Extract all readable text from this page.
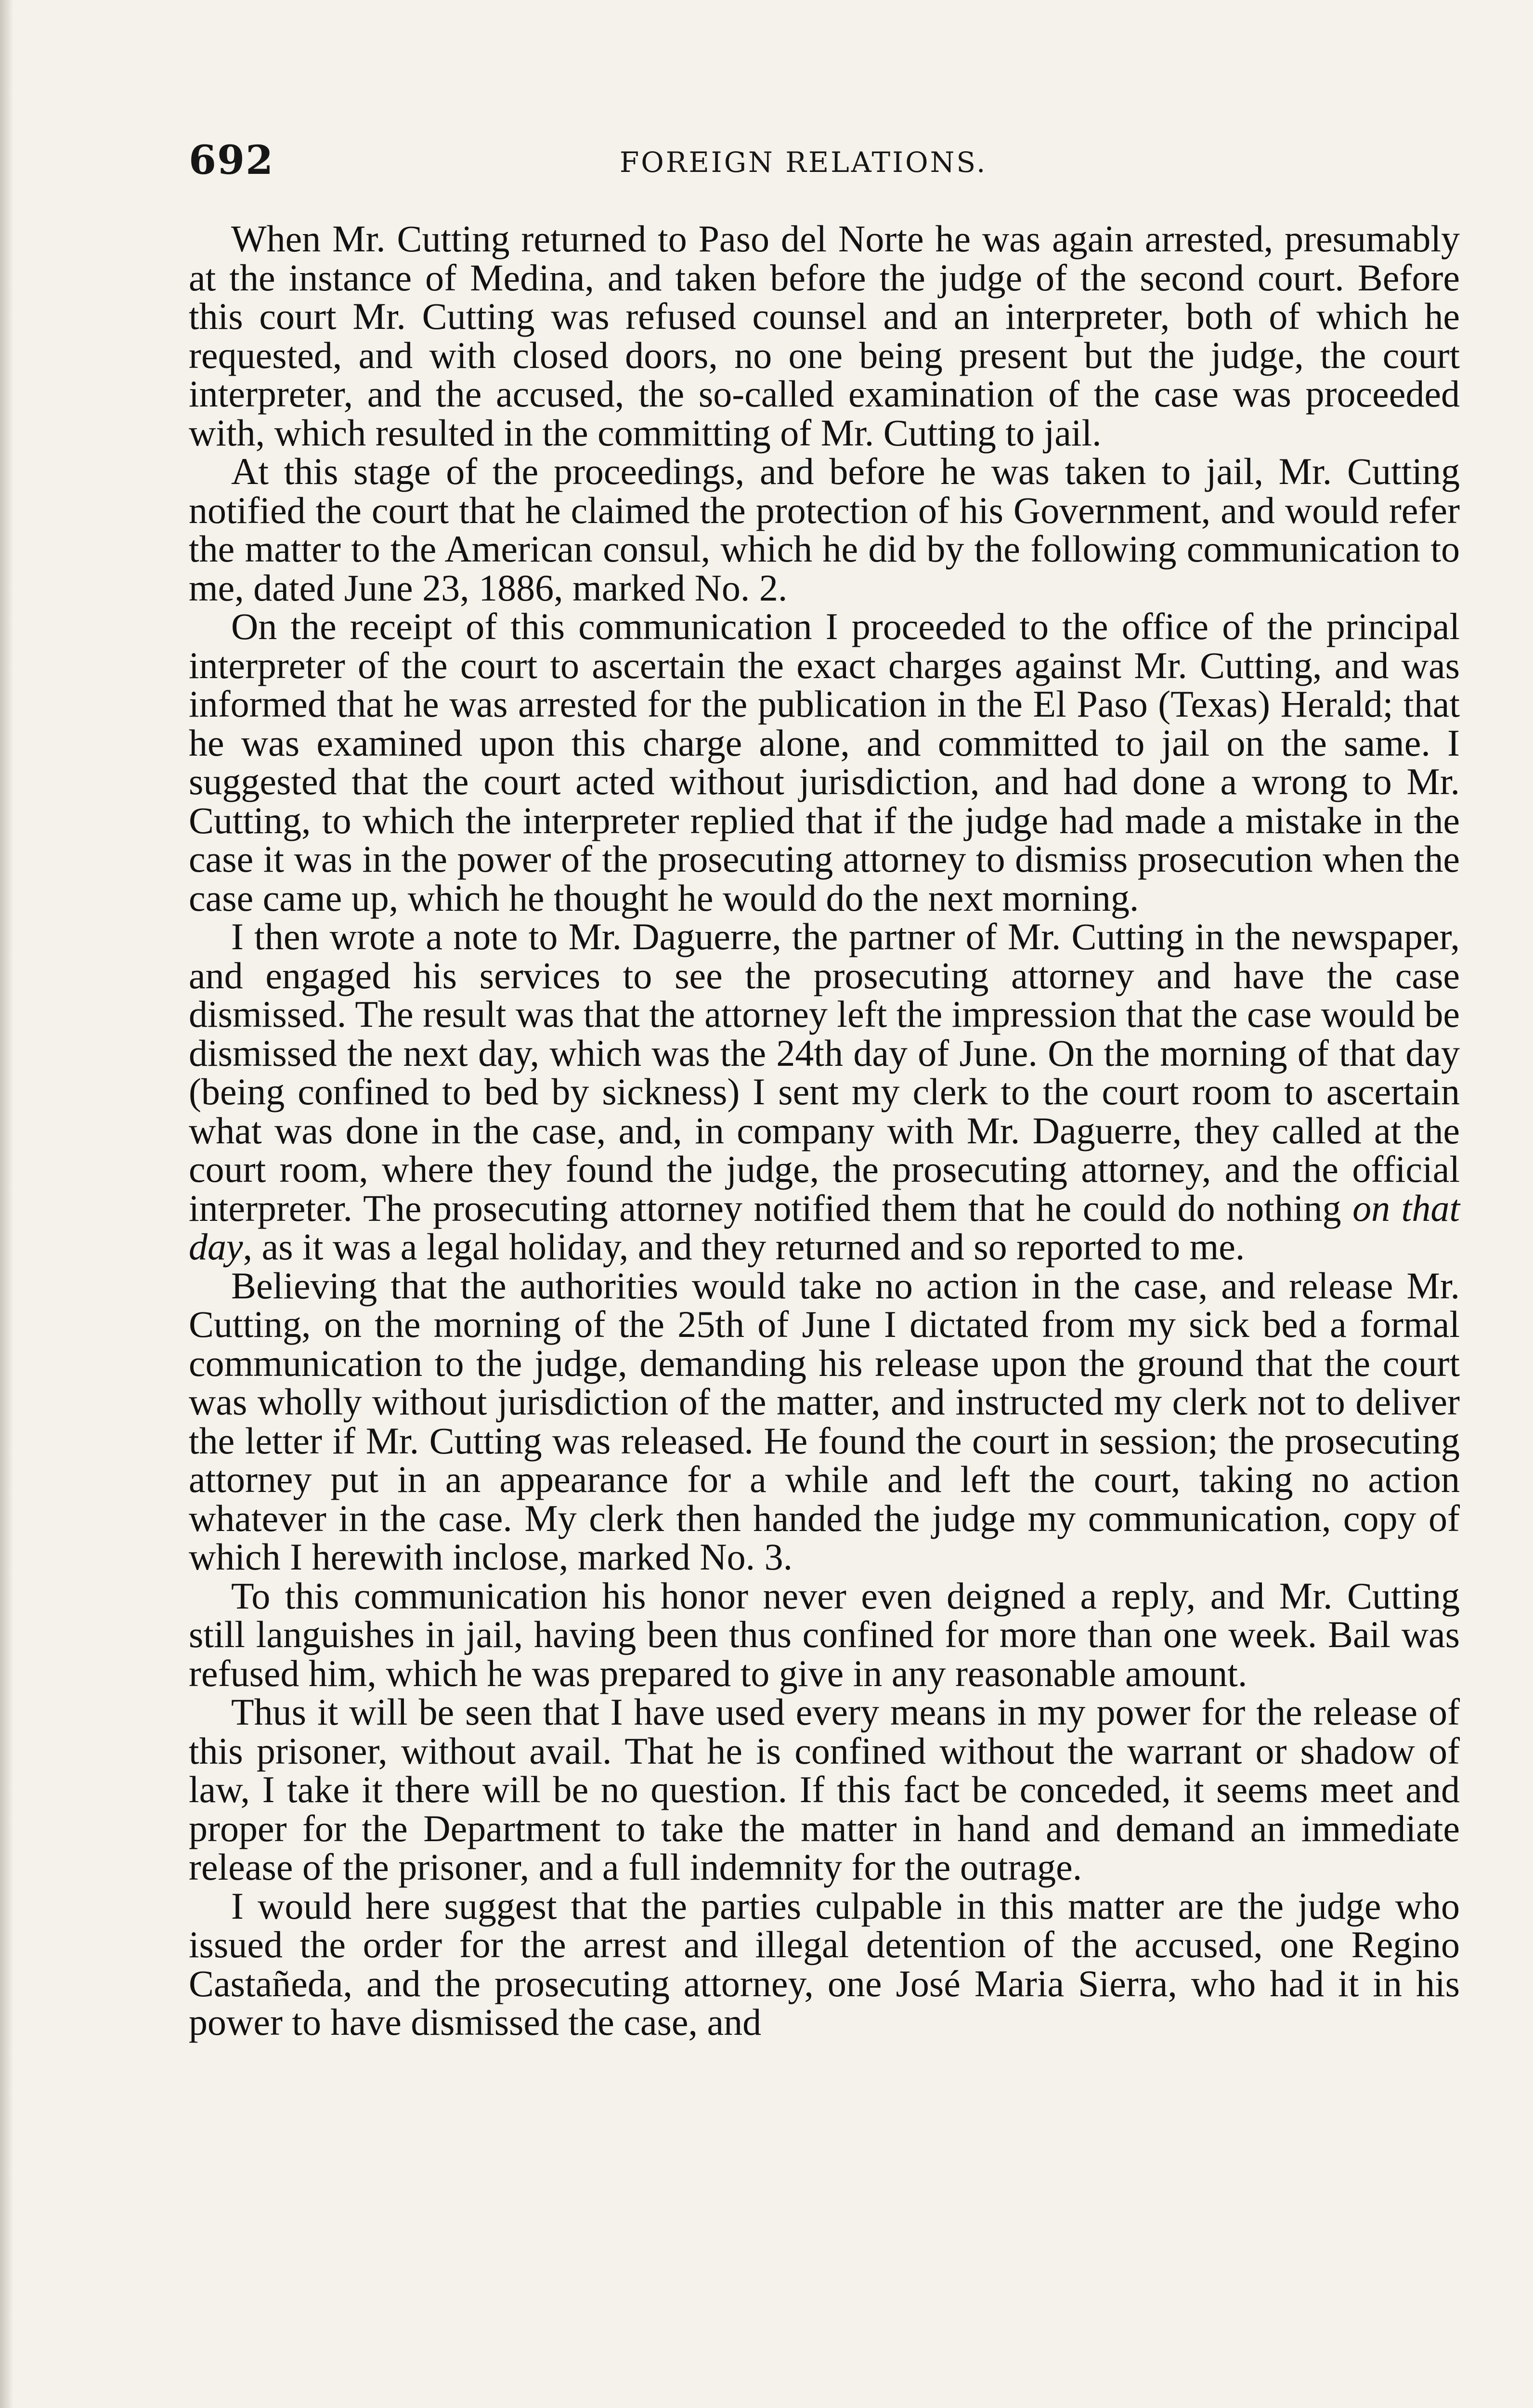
692	FOREIGN RELATIONS.

When Mr. Cutting returned to Paso del Norte he was again arrested, presumably at the instance of Medina, and taken before the judge of the second court. Before this court Mr. Cutting was refused counsel and an interpreter, both of which he requested, and with closed doors, no one being present but the judge, the court interpreter, and the accused, the so-called examination of the case was proceeded with, which resulted in the committing of Mr. Cutting to jail.

At this stage of the proceedings, and before he was taken to jail, Mr. Cutting notified the court that he claimed the protection of his Government, and would refer the matter to the American consul, which he did by the following communication to me, dated June 23, 1886, marked No. 2.

On the receipt of this communication I proceeded to the office of the principal interpreter of the court to ascertain the exact charges against Mr. Cutting, and was informed that he was arrested for the publication in the El Paso (Texas) Herald; that he was examined upon this charge alone, and committed to jail on the same. I suggested that the court acted without jurisdiction, and had done a wrong to Mr. Cutting, to which the interpreter replied that if the judge had made a mistake in the case it was in the power of the prosecuting attorney to dismiss prosecution when the case came up, which he thought he would do the next morning.

I then wrote a note to Mr. Daguerre, the partner of Mr. Cutting in the newspaper, and engaged his services to see the prosecuting attorney and have the case dismissed. The result was that the attorney left the impression that the case would be dismissed the next day, which was the 24th day of June. On the morning of that day (being confined to bed by sickness) I sent my clerk to the court room to ascertain what was done in the case, and, in company with Mr. Daguerre, they called at the court room, where they found the judge, the prosecuting attorney, and the official interpreter. The prosecuting attorney notified them that he could do nothing on that day, as it was a legal holiday, and they returned and so reported to me.

Believing that the authorities would take no action in the case, and release Mr. Cutting, on the morning of the 25th of June I dictated from my sick bed a formal communication to the judge, demanding his release upon the ground that the court was wholly without jurisdiction of the matter, and instructed my clerk not to deliver the letter if Mr. Cutting was released. He found the court in session; the prosecuting attorney put in an appearance for a while and left the court, taking no action whatever in the case. My clerk then handed the judge my communication, copy of which I herewith inclose, marked No. 3.

To this communication his honor never even deigned a reply, and Mr. Cutting still languishes in jail, having been thus confined for more than one week. Bail was refused him, which he was prepared to give in any reasonable amount.

Thus it will be seen that I have used every means in my power for the release of this prisoner, without avail. That he is confined without the warrant or shadow of law, I take it there will be no question. If this fact be conceded, it seems meet and proper for the Department to take the matter in hand and demand an immediate release of the prisoner, and a full indemnity for the outrage.

I would here suggest that the parties culpable in this matter are the judge who issued the order for the arrest and illegal detention of the accused, one Regino Castañeda, and the prosecuting attorney, one José Maria Sierra, who had it in his power to have dismissed the case, and
